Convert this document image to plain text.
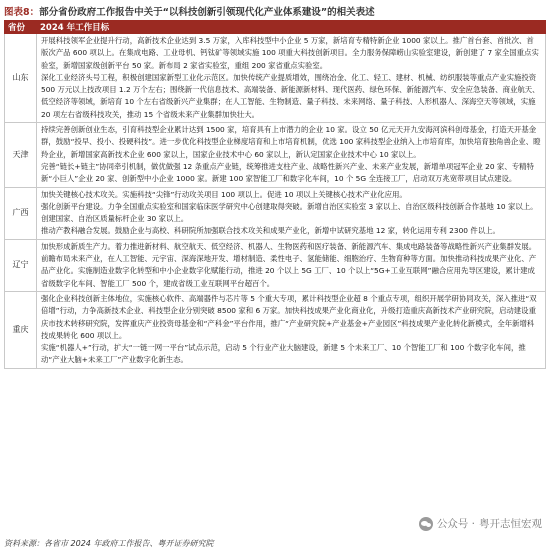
图表8：部分省份政府工作报告中关于“以科技创新引领现代化产业体系建设”的相关表述
省份	2024 年工作目标
山东	开展科技领军企业提升行动，高新技术企业达到 3.5 万家，入库科技型中小企业 5 万家，新培育专精特新企业 1000 家以上。推广首台套、首批次、首版次产品 600 项以上。在集成电路、工业母机、钙钛矿等领域实施 100 项重大科技创新项目。全力服务保障崂山实验室建设，新创建了 7 家全国重点实验室，新增国家级创新平台 50 家。新布局 2 家省实验室，重组 200 家省重点实验室。
深化工业经济头号工程，积极创建国家新型工业化示范区。加快传统产业提质增效，围绕冶金、化工、轻工、建材、机械、纺织服装等重点产业实施投资 500 万元以上技改项目 1.2 万个左右；围绕新一代信息技术、高端装备、新能源新材料、现代医药、绿色环保、新能源汽车、安全应急装备、商业航天、低空经济等领域，新培育 10 个左右省级新兴产业集群；在人工智能、生物制造、量子科技、未来网络、量子科技、人形机器人、深海空天等领域，实施 20 项左右省级科技攻关，推动 15 个省级未来产业集群加快壮大。

天津	持续完善创新创业生态，引育科技型企业累计达到 1500 家，培育具有上市潜力的企业 10 家。设立 50 亿元天开九安海河滨科创母基金，打造天开基金群，鼓励“投早、投小、投硬科技”。进一步优化科技型企业梯度培育和上市培育机制，优选 100 家科技型企业纳入上市培育库，加快培育独角兽企业、瞪羚企业，新增国家高新技术企业 600 家以上，国家企业技术中心 60 家以上，新认定国家企业技术中心 10 家以上。
完善“链长+链主”协同牵引机制，做优做强 12 条重点产业链，统筹推进支柱产业、战略性新兴产业、未来产业发展，新增单项冠军企业 20 家、专精特新“小巨人”企业 20 家、创新型中小企业 1000 家。新建 100 家智能工厂和数字化车间，10 个 5G 全连接工厂，启动双万兆宽带项目试点建设。

广西	加快关键核心技术攻关。实施科技“尖锋”行动攻关项目 100 项以上。促进 10 项以上关键核心技术产业化应用。
强化创新平台建设。力争全国重点实验室和国家临床医学研究中心创建取得突破。新增自治区实验室 3 家以上、自治区级科技创新合作基地 10 家以上。创建国家、自治区质量标杆企业 30 家以上。
推动产教科融合发展。鼓励企业与高校、科研院所加强联合技术攻关和成果产业化，新增中试研究基地 12 家，转化运用专利 2300 件以上。

辽宁	加快形成新质生产力。着力推进新材料、航空航天、低空经济、机器人、生物医药和医疗装备、新能源汽车、集成电路装备等战略性新兴产业集群发展。前瞻布局未来产业，在人工智能、元宇宙、深海深地开发、增材制造、柔性电子、氢能储能、细胞治疗、生物育种等方面。加快推动科技成果产业化、产品产业化。实施制造业数字化转型和中小企业数字化赋能行动，推进 20 个以上 5G 工厂、10 个以上“5G+工业互联网”融合应用先导区建设，累计建成省级数字化车间、智能工厂 500 个，建成省级工业互联网平台超百个。

重庆	强化企业科技创新主体地位，实施核心软件、高端器件与芯片等 5 个重大专项，累计科技型企业超 8 个重点专项，组织开展学研协同攻关，深入推进“双倍增”行动，力争高新技术企业、科技型企业分别突破 8500 家和 6 万家。加快科技成果产业化商业化，升级打造重庆高新技术产业研究院，启动建设重庆市技术转移研究院，发挥重庆产业投资母基金和“产科金”平台作用，推广“产业研究院+产业基金+产业园区”科技成果产业化转化新模式，全年新增科技成果转化 600 项以上。
实施“机器人+”行动，扩大“一链一网一平台”试点示范，启动 5 个行业产业大脑建设，新建 5 个未来工厂、10 个智能工厂和 100 个数字化车间，推动“产业大脑+未来工厂”产业数字化新生态。
公众号 · 粤开志恒宏观
资料来源：各省市 2024 年政府工作报告、粤开证券研究院
